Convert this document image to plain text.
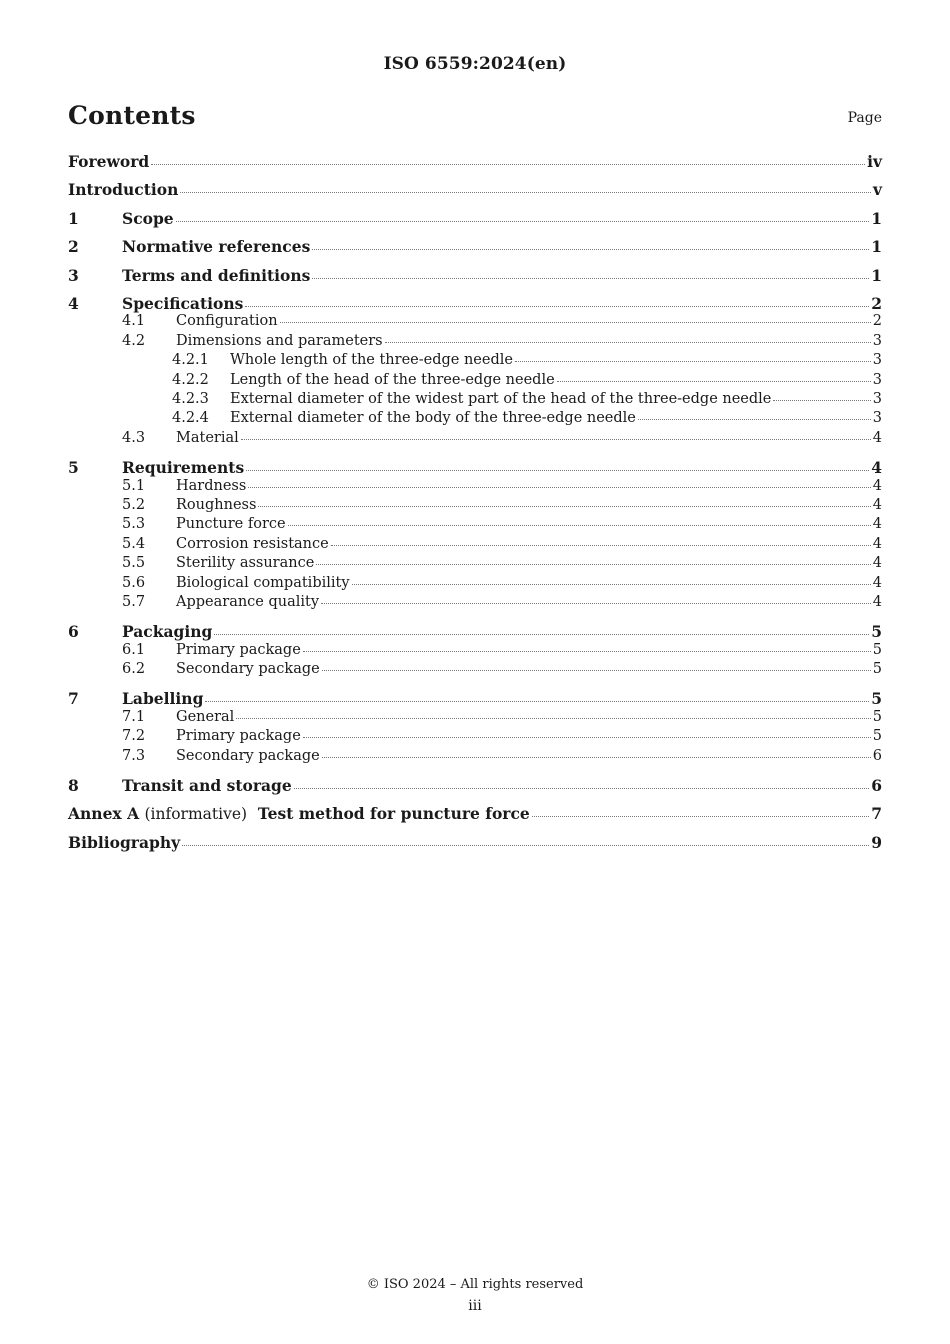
ISO 6559:2024(en)
Contents	Page
Foreword	iv
Introduction	v
1	Scope	1
2	Normative references	1
3	Terms and definitions	1
4	Specifications	2
4.1	Configuration	2
4.2	Dimensions and parameters	3
4.2.1	Whole length of the three-edge needle	3
4.2.2	Length of the head of the three-edge needle	3
4.2.3	External diameter of the widest part of the head of the three-edge needle	3
4.2.4	External diameter of the body of the three-edge needle	3
4.3	Material	4
5	Requirements	4
5.1	Hardness	4
5.2	Roughness	4
5.3	Puncture force	4
5.4	Corrosion resistance	4
5.5	Sterility assurance	4
5.6	Biological compatibility	4
5.7	Appearance quality	4
6	Packaging	5
6.1	Primary package	5
6.2	Secondary package	5
7	Labelling	5
7.1	General	5
7.2	Primary package	5
7.3	Secondary package	6
8	Transit and storage	6
Annex A (informative) Test method for puncture force	7
Bibliography	9
© ISO 2024 – All rights reserved
iii
